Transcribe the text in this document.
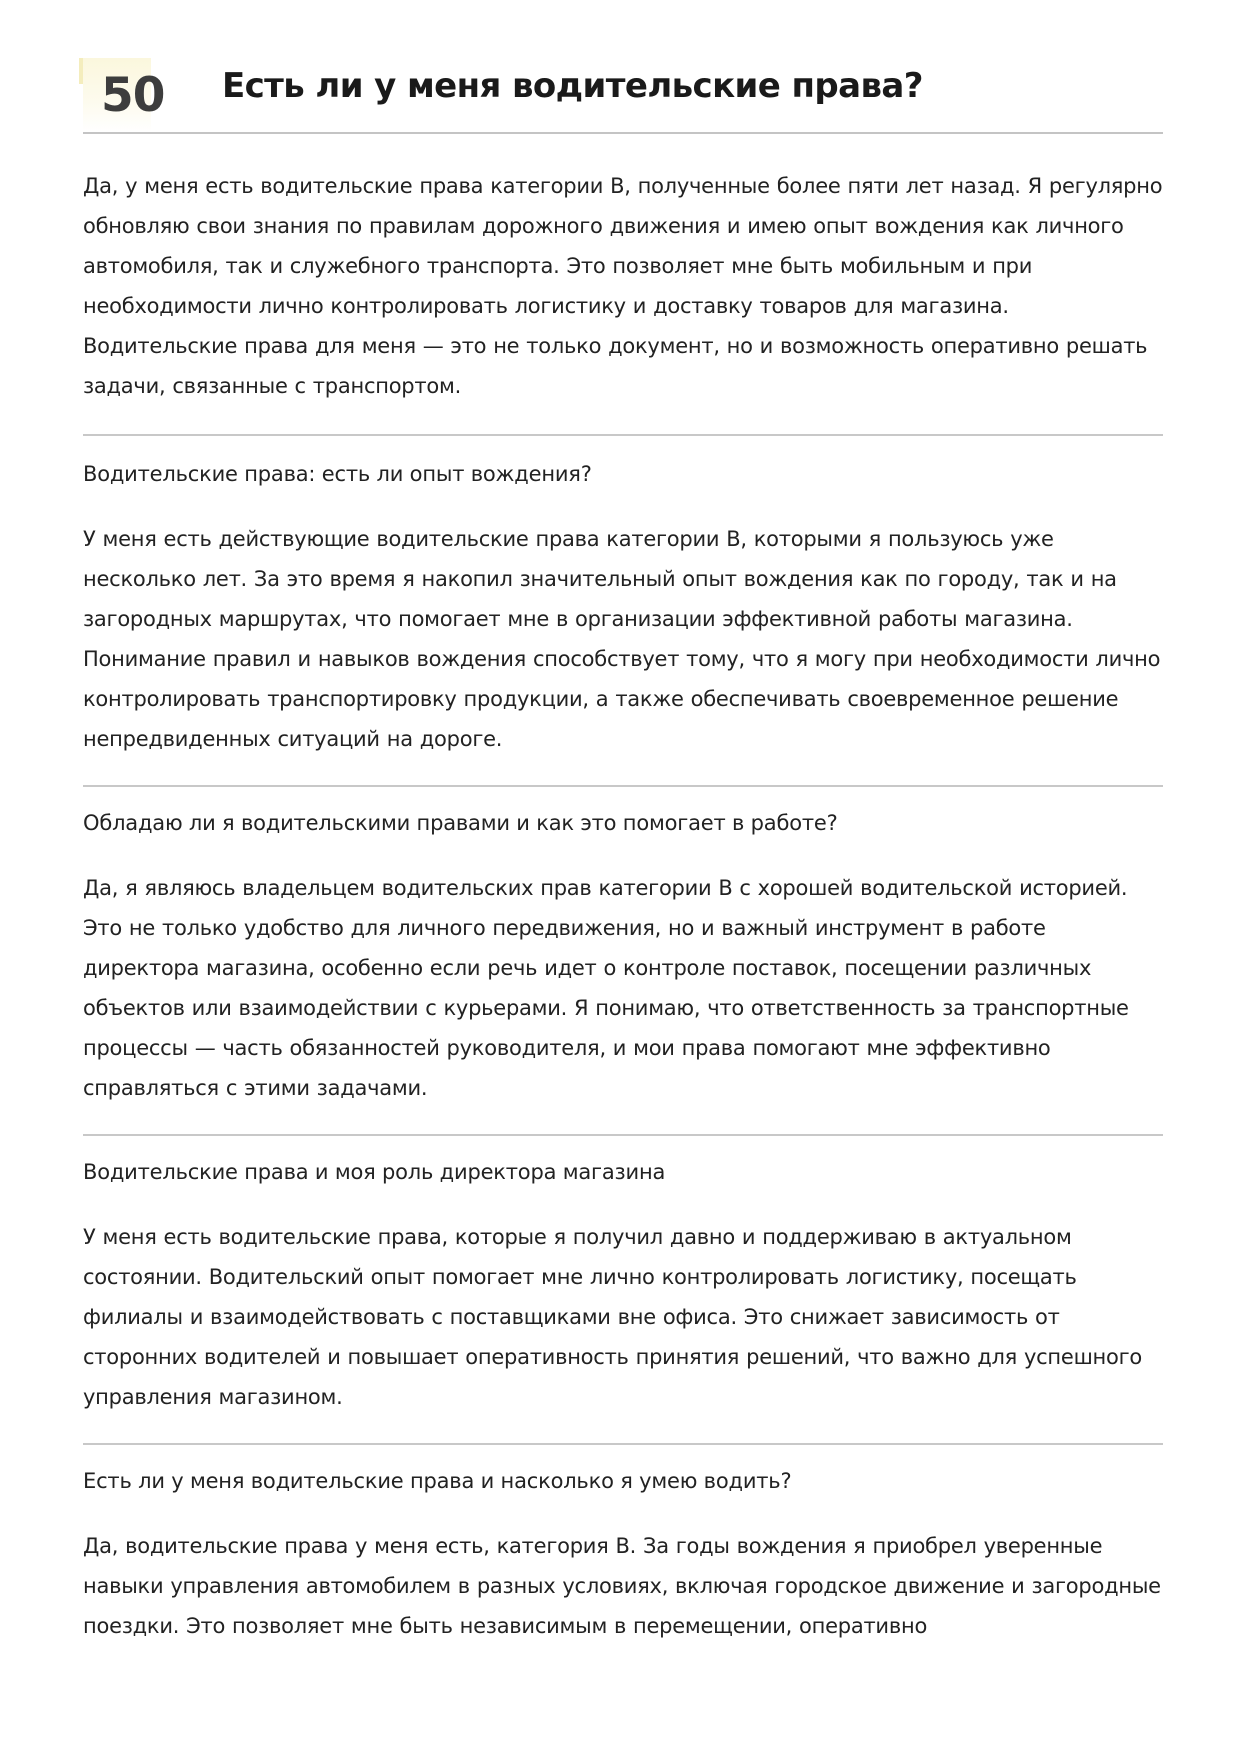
50 Есть ли у меня водительские права?

Да, у меня есть водительские права категории B, полученные более пяти лет назад. Я регулярно обновляю свои знания по правилам дорожного движения и имею опыт вождения как личного автомобиля, так и служебного транспорта. Это позволяет мне быть мобильным и при необходимости лично контролировать логистику и доставку товаров для магазина. Водительские права для меня — это не только документ, но и возможность оперативно решать задачи, связанные с транспортом.

Водительские права: есть ли опыт вождения?

У меня есть действующие водительские права категории B, которыми я пользуюсь уже несколько лет. За это время я накопил значительный опыт вождения как по городу, так и на загородных маршрутах, что помогает мне в организации эффективной работы магазина. Понимание правил и навыков вождения способствует тому, что я могу при необходимости лично контролировать транспортировку продукции, а также обеспечивать своевременное решение непредвиденных ситуаций на дороге.

Обладаю ли я водительскими правами и как это помогает в работе?

Да, я являюсь владельцем водительских прав категории B с хорошей водительской историей. Это не только удобство для личного передвижения, но и важный инструмент в работе директора магазина, особенно если речь идет о контроле поставок, посещении различных объектов или взаимодействии с курьерами. Я понимаю, что ответственность за транспортные процессы — часть обязанностей руководителя, и мои права помогают мне эффективно справляться с этими задачами.

Водительские права и моя роль директора магазина

У меня есть водительские права, которые я получил давно и поддерживаю в актуальном состоянии. Водительский опыт помогает мне лично контролировать логистику, посещать филиалы и взаимодействовать с поставщиками вне офиса. Это снижает зависимость от сторонних водителей и повышает оперативность принятия решений, что важно для успешного управления магазином.

Есть ли у меня водительские права и насколько я умею водить?

Да, водительские права у меня есть, категория B. За годы вождения я приобрел уверенные навыки управления автомобилем в разных условиях, включая городское движение и загородные поездки. Это позволяет мне быть независимым в перемещении, оперативно
